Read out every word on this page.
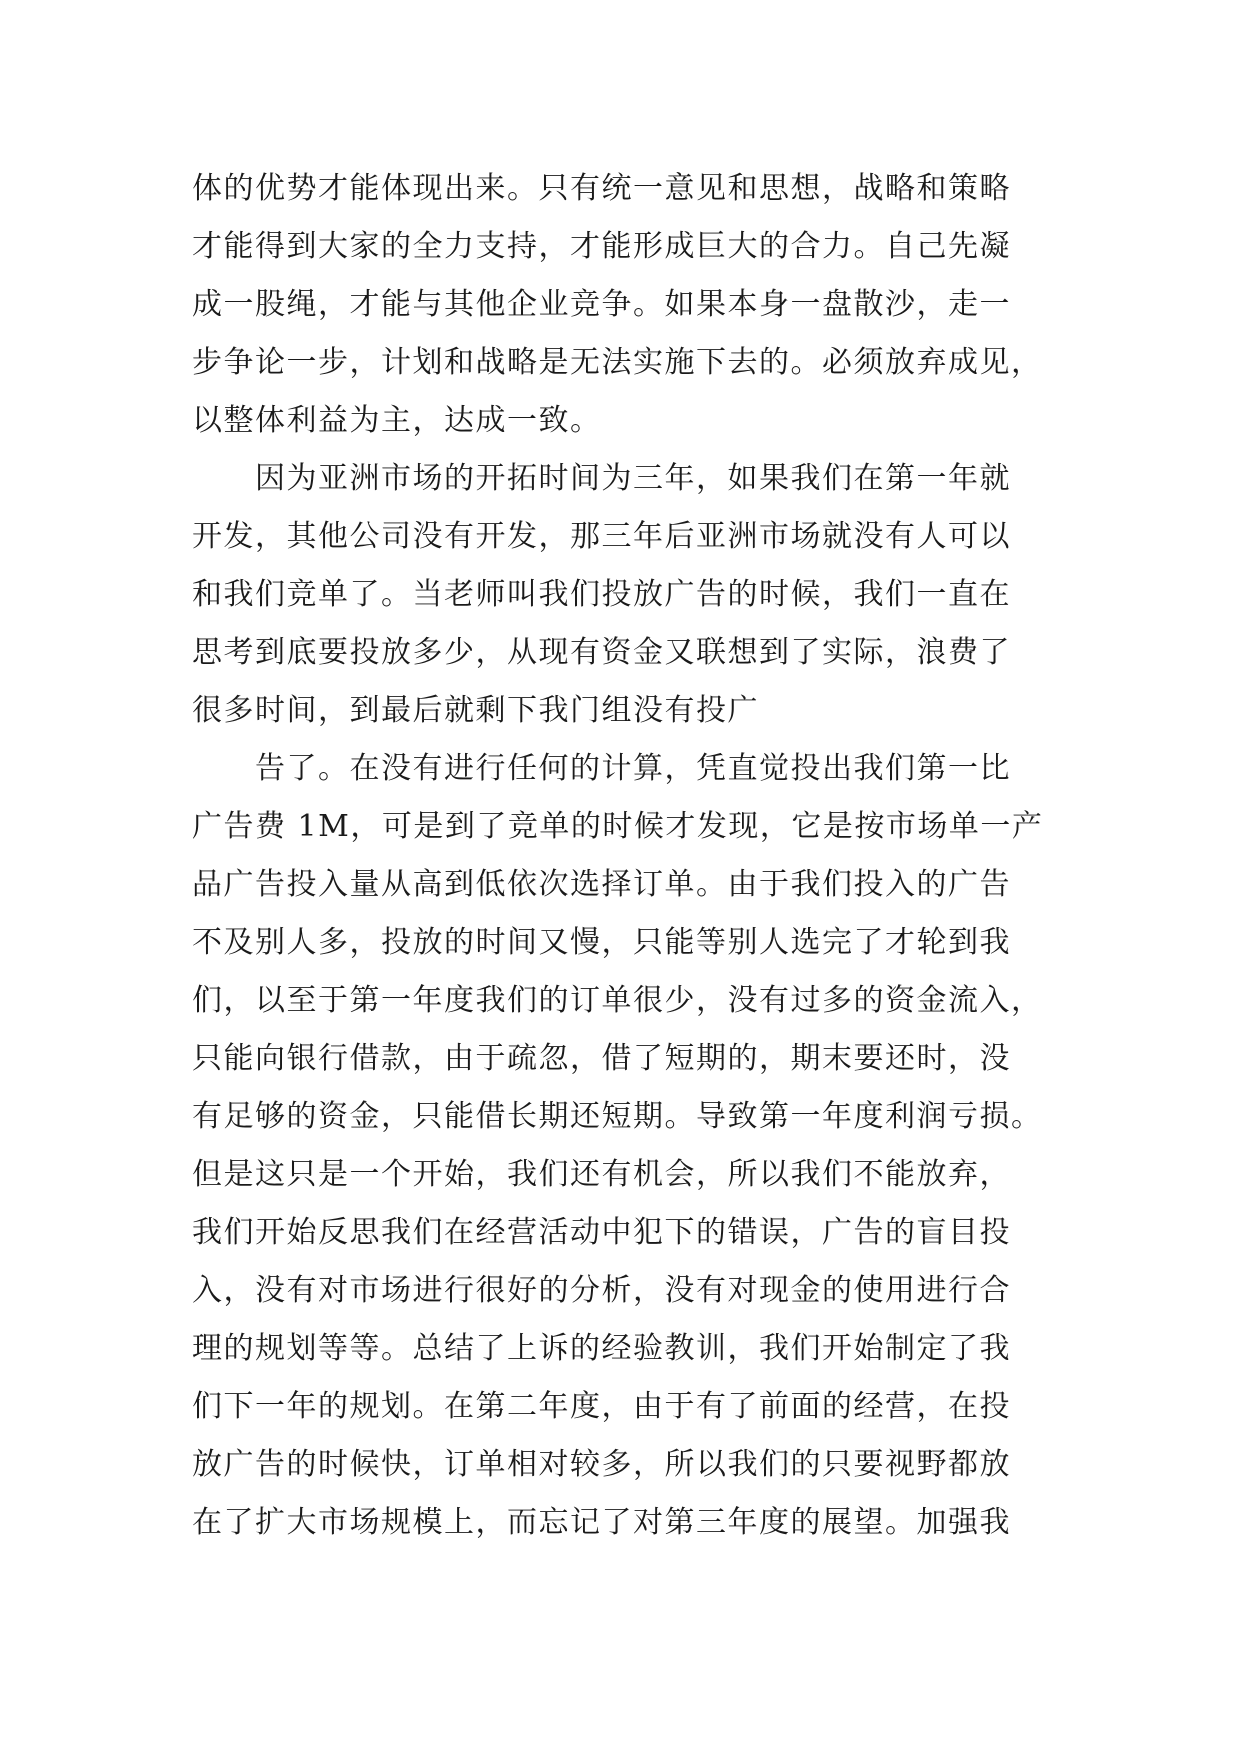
体的优势才能体现出来。只有统一意见和思想，战略和策略
才能得到大家的全力支持，才能形成巨大的合力。自己先凝
成一股绳，才能与其他企业竞争。如果本身一盘散沙，走一
步争论一步，计划和战略是无法实施下去的。必须放弃成见，
以整体利益为主，达成一致。
　　因为亚洲市场的开拓时间为三年，如果我们在第一年就
开发，其他公司没有开发，那三年后亚洲市场就没有人可以
和我们竞单了。当老师叫我们投放广告的时候，我们一直在
思考到底要投放多少，从现有资金又联想到了实际，浪费了
很多时间，到最后就剩下我门组没有投广
　　告了。在没有进行任何的计算，凭直觉投出我们第一比
广告费 1M，可是到了竞单的时候才发现，它是按市场单一产
品广告投入量从高到低依次选择订单。由于我们投入的广告
不及别人多，投放的时间又慢，只能等别人选完了才轮到我
们，以至于第一年度我们的订单很少，没有过多的资金流入，
只能向银行借款，由于疏忽，借了短期的，期末要还时，没
有足够的资金，只能借长期还短期。导致第一年度利润亏损。
但是这只是一个开始，我们还有机会，所以我们不能放弃，
我们开始反思我们在经营活动中犯下的错误，广告的盲目投
入，没有对市场进行很好的分析，没有对现金的使用进行合
理的规划等等。总结了上诉的经验教训，我们开始制定了我
们下一年的规划。在第二年度，由于有了前面的经营，在投
放广告的时候快，订单相对较多，所以我们的只要视野都放
在了扩大市场规模上，而忘记了对第三年度的展望。加强我
